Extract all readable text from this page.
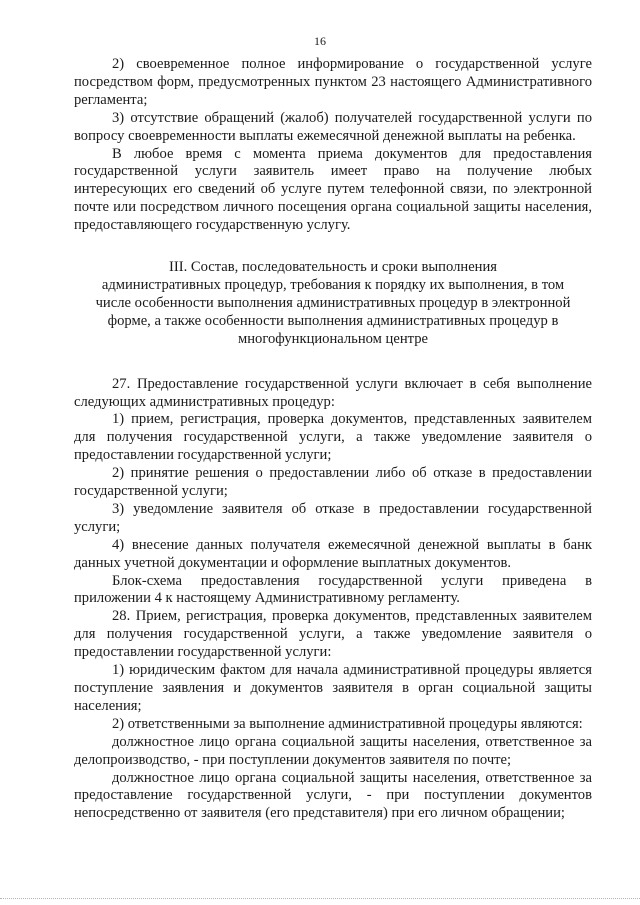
16

2) своевременное полное информирование о государственной услуге посредством форм, предусмотренных пунктом 23 настоящего Административного регламента;

3) отсутствие обращений (жалоб) получателей государственной услуги по вопросу своевременности выплаты ежемесячной денежной выплаты на ребенка.

В любое время с момента приема документов для предоставления государственной услуги заявитель имеет право на получение любых интересующих его сведений об услуге путем телефонной связи, по электронной почте или посредством личного посещения органа социальной защиты населения, предоставляющего государственную услугу.

III. Состав, последовательность и сроки выполнения
административных процедур, требования к порядку их выполнения, в том
числе особенности выполнения административных процедур в электронной
форме, а также особенности выполнения административных процедур в
многофункциональном центре

27. Предоставление государственной услуги включает в себя выполнение следующих административных процедур:

1) прием, регистрация, проверка документов, представленных заявителем для получения государственной услуги, а также уведомление заявителя о предоставлении государственной услуги;

2) принятие решения о предоставлении либо об отказе в предоставлении государственной услуги;

3) уведомление заявителя об отказе в предоставлении государственной услуги;

4) внесение данных получателя ежемесячной денежной выплаты в банк данных учетной документации и оформление выплатных документов.

Блок-схема предоставления государственной услуги приведена в приложении 4 к настоящему Административному регламенту.

28. Прием, регистрация, проверка документов, представленных заявителем для получения государственной услуги, а также уведомление заявителя о предоставлении государственной услуги:

1) юридическим фактом для начала административной процедуры является поступление заявления и документов заявителя в орган социальной защиты населения;

2) ответственными за выполнение административной процедуры являются:

должностное лицо органа социальной защиты населения, ответственное за делопроизводство, - при поступлении документов заявителя по почте;

должностное лицо органа социальной защиты населения, ответственное за предоставление государственной услуги, - при поступлении документов непосредственно от заявителя (его представителя) при его личном обращении;
